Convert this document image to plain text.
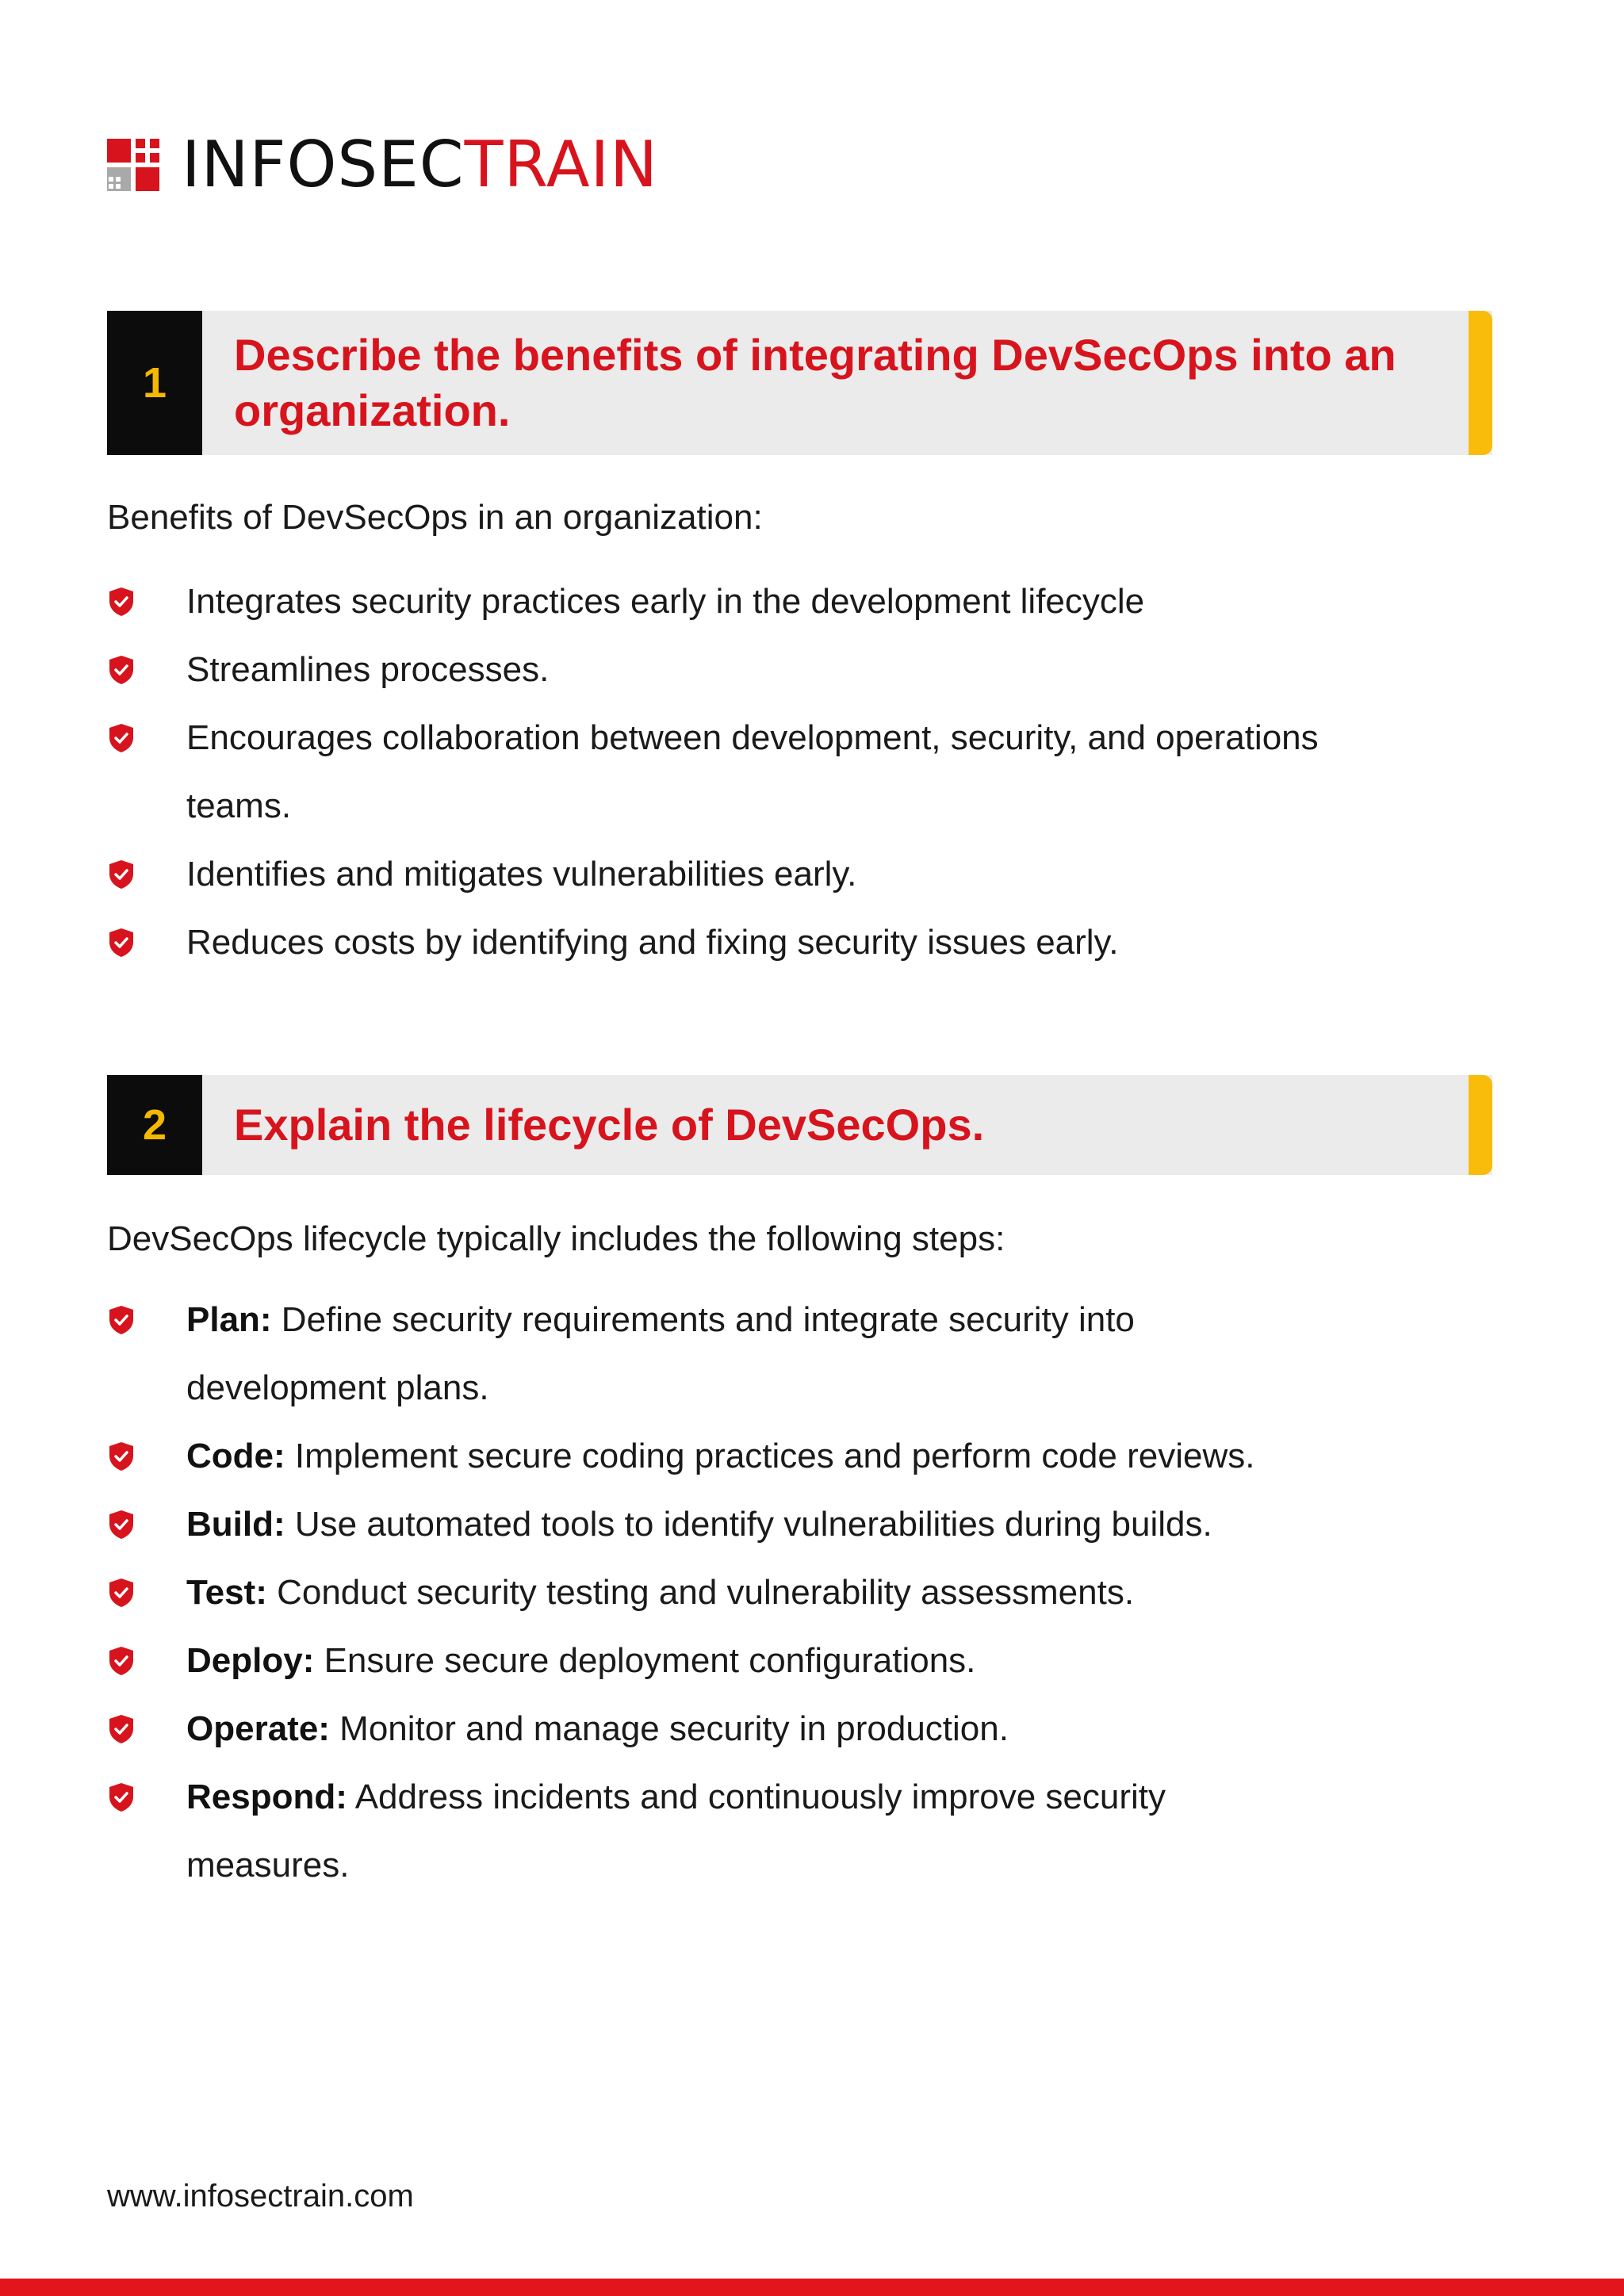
INFOSECTRAIN
1
Describe the benefits of integrating DevSecOps into an organization.
Benefits of DevSecOps in an organization:
Integrates security practices early in the development lifecycle
Streamlines processes.
Encourages collaboration between development, security, and operations teams.
Identifies and mitigates vulnerabilities early.
Reduces costs by identifying and fixing security issues early.
2	Explain the lifecycle of DevSecOps.
DevSecOps lifecycle typically includes the following steps:
Plan: Define security requirements and integrate security into development plans.
Code: Implement secure coding practices and perform code reviews.
Build: Use automated tools to identify vulnerabilities during builds.
Test: Conduct security testing and vulnerability assessments.
Deploy: Ensure secure deployment configurations.
Operate: Monitor and manage security in production.
Respond: Address incidents and continuously improve security measures.
www.infosectrain.com
